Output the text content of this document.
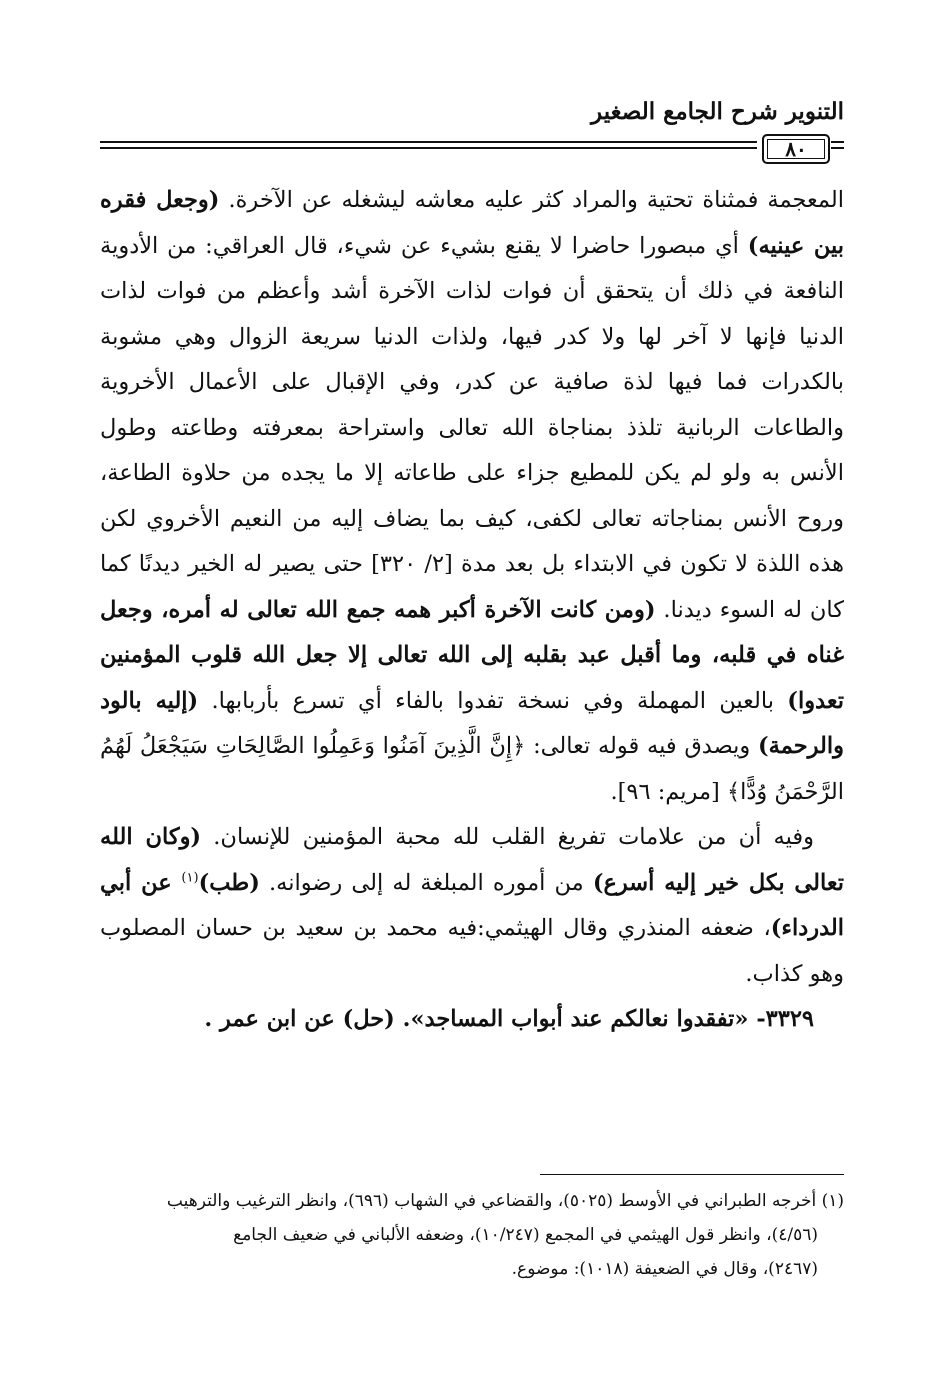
التنوير شرح الجامع الصغير
٨٠

المعجمة فمثناة تحتية والمراد كثر عليه معاشه ليشغله عن الآخرة. (وجعل فقره بين عينيه) أي مبصورا حاضرا لا يقنع بشيء عن شيء، قال العراقي: من الأدوية النافعة في ذلك أن يتحقق أن فوات لذات الآخرة أشد وأعظم من فوات لذات الدنيا فإنها لا آخر لها ولا كدر فيها، ولذات الدنيا سريعة الزوال وهي مشوبة بالكدرات فما فيها لذة صافية عن كدر، وفي الإقبال على الأعمال الأخروية والطاعات الربانية تلذذ بمناجاة الله تعالى واستراحة بمعرفته وطاعته وطول الأنس به ولو لم يكن للمطيع جزاء على طاعاته إلا ما يجده من حلاوة الطاعة، وروح الأنس بمناجاته تعالى لكفى، كيف بما يضاف إليه من النعيم الأخروي لكن هذه اللذة لا تكون في الابتداء بل بعد مدة [٢/ ٣٢٠] حتى يصير له الخير ديدنًا كما كان له السوء ديدنا. (ومن كانت الآخرة أكبر همه جمع الله تعالى له أمره، وجعل غناه في قلبه، وما أقبل عبد بقلبه إلى الله تعالى إلا جعل الله قلوب المؤمنين تعدوا) بالعين المهملة وفي نسخة تفدوا بالفاء أي تسرع بأربابها. (إليه بالود والرحمة) ويصدق فيه قوله تعالى: ﴿إِنَّ الَّذِينَ آمَنُوا وَعَمِلُوا الصَّالِحَاتِ سَيَجْعَلُ لَهُمُ الرَّحْمَنُ وُدًّا﴾ [مريم: ٩٦].

وفيه أن من علامات تفريغ القلب لله محبة المؤمنين للإنسان. (وكان الله تعالى بكل خير إليه أسرع) من أموره المبلغة له إلى رضوانه. (طب)$^{(١)}$ عن أبي الدرداء)، ضعفه المنذري وقال الهيثمي:فيه محمد بن سعيد بن حسان المصلوب وهو كذاب.

٣٣٢٩- «تفقدوا نعالكم عند أبواب المساجد». (حل) عن ابن عمر .

(١) أخرجه الطبراني في الأوسط (٥٠٢٥)، والقضاعي في الشهاب (٦٩٦)، وانظر الترغيب والترهيب

(٤/٥٦)، وانظر قول الهيثمي في المجمع (١٠/٢٤٧)، وضعفه الألباني في ضعيف الجامع

(٢٤٦٧)، وقال في الضعيفة (١٠١٨): موضوع.
